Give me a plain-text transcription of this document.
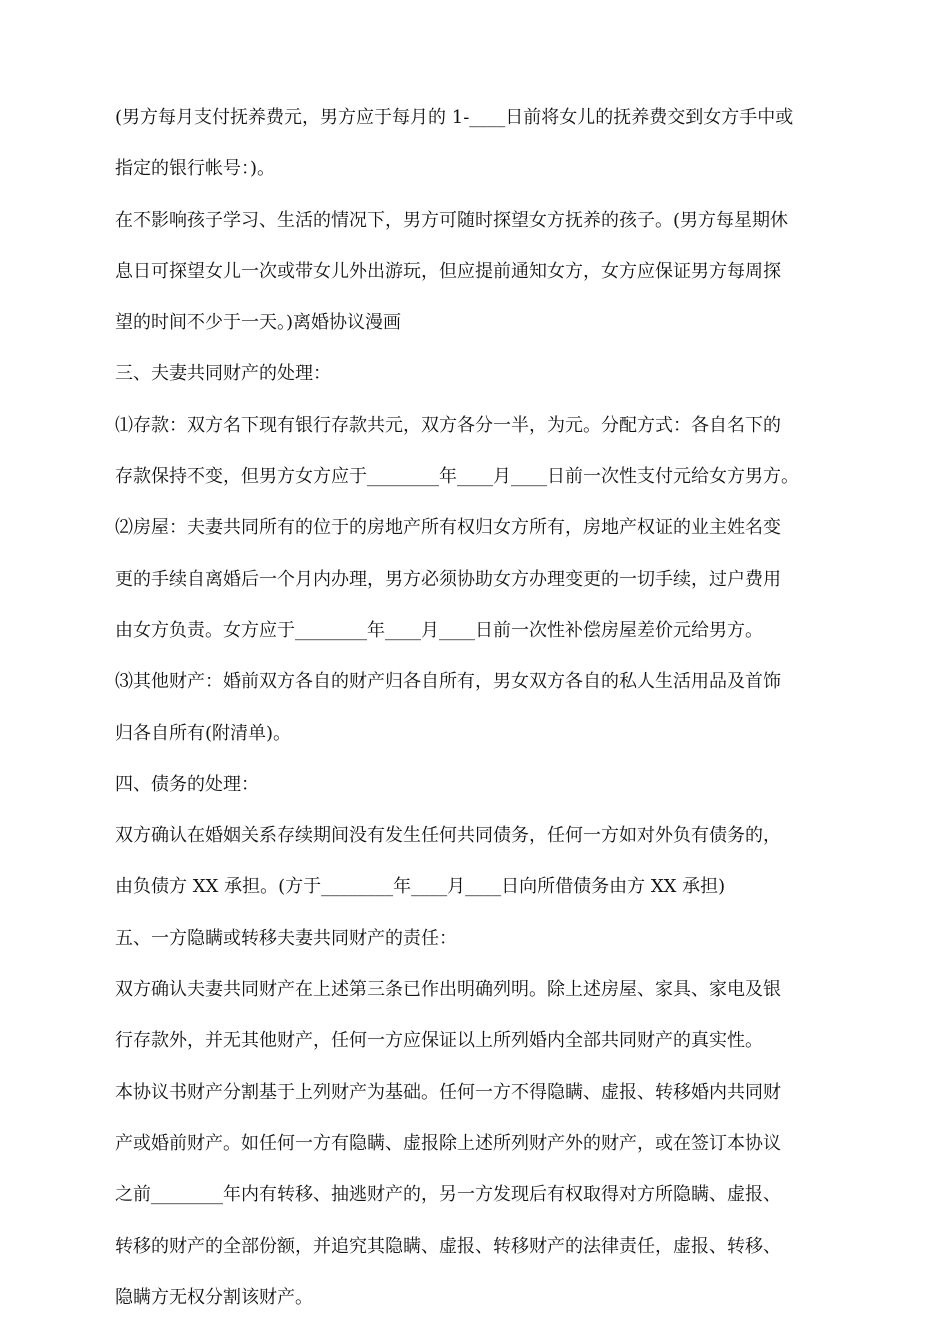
(男方每月支付抚养费元，男方应于每月的 1-____日前将女儿的抚养费交到女方手中或
指定的银行帐号：)。
在不影响孩子学习、生活的情况下，男方可随时探望女方抚养的孩子。(男方每星期休
息日可探望女儿一次或带女儿外出游玩，但应提前通知女方，女方应保证男方每周探
望的时间不少于一天。)离婚协议漫画
三、夫妻共同财产的处理：
⑴存款：双方名下现有银行存款共元，双方各分一半，为元。分配方式：各自名下的
存款保持不变，但男方女方应于________年____月____日前一次性支付元给女方男方。
⑵房屋：夫妻共同所有的位于的房地产所有权归女方所有，房地产权证的业主姓名变
更的手续自离婚后一个月内办理，男方必须协助女方办理变更的一切手续，过户费用
由女方负责。女方应于________年____月____日前一次性补偿房屋差价元给男方。
⑶其他财产：婚前双方各自的财产归各自所有，男女双方各自的私人生活用品及首饰
归各自所有(附清单)。
四、债务的处理：
双方确认在婚姻关系存续期间没有发生任何共同债务，任何一方如对外负有债务的，
由负债方 XX 承担。(方于________年____月____日向所借债务由方 XX 承担)
五、一方隐瞒或转移夫妻共同财产的责任：
双方确认夫妻共同财产在上述第三条已作出明确列明。除上述房屋、家具、家电及银
行存款外，并无其他财产，任何一方应保证以上所列婚内全部共同财产的真实性。
本协议书财产分割基于上列财产为基础。任何一方不得隐瞒、虚报、转移婚内共同财
产或婚前财产。如任何一方有隐瞒、虚报除上述所列财产外的财产，或在签订本协议
之前________年内有转移、抽逃财产的，另一方发现后有权取得对方所隐瞒、虚报、
转移的财产的全部份额，并追究其隐瞒、虚报、转移财产的法律责任，虚报、转移、
隐瞒方无权分割该财产。
